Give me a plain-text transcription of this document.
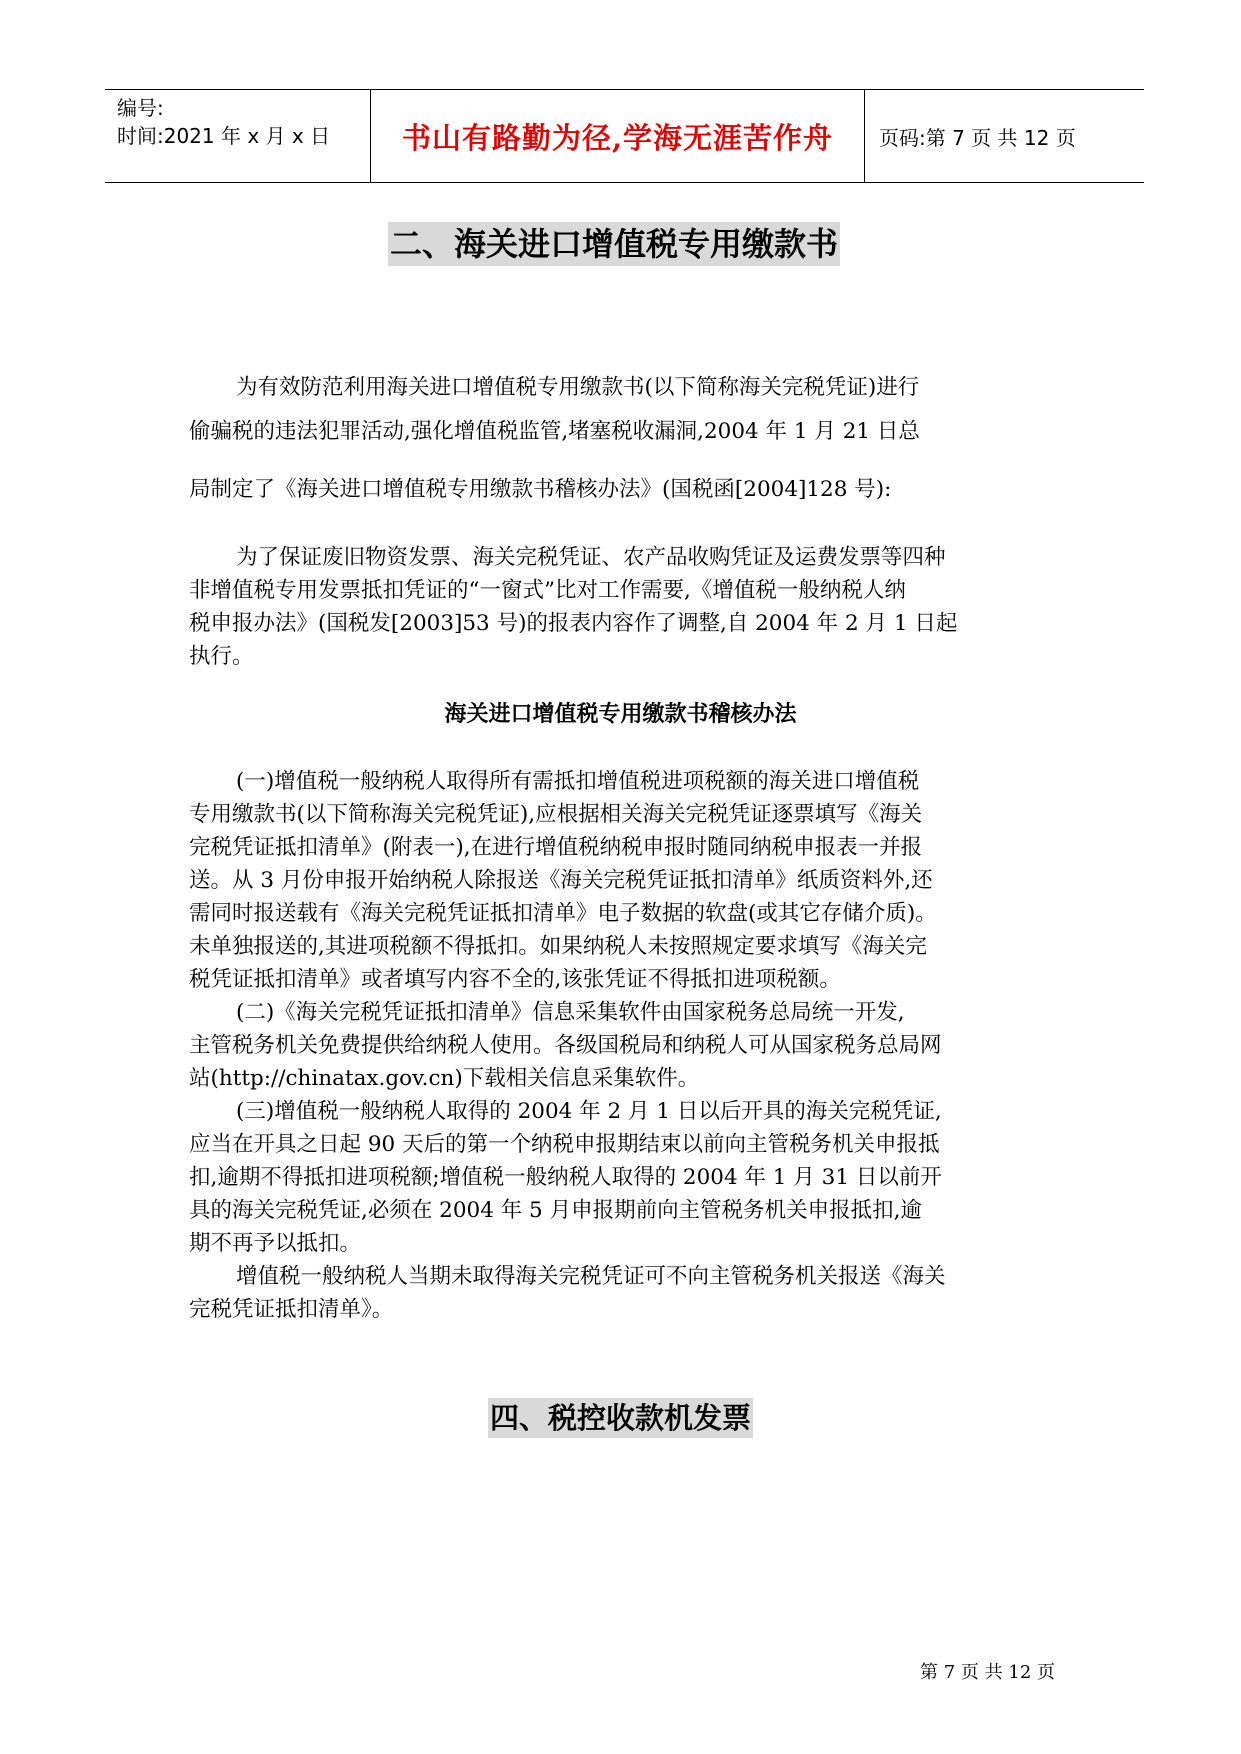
编号:
时间:2021 年 x 月 x 日	书山有路勤为径,学海无涯苦作舟	页码:第 7 页 共 12 页
二、海关进口增值税专用缴款书
为有效防范利用海关进口增值税专用缴款书(以下简称海关完税凭证)进行
偷骗税的违法犯罪活动,强化增值税监管,堵塞税收漏洞,2004 年 1 月 21 日总
局制定了《海关进口增值税专用缴款书稽核办法》(国税函[2004]128 号):
为了保证废旧物资发票、海关完税凭证、农产品收购凭证及运费发票等四种
非增值税专用发票抵扣凭证的“一窗式”比对工作需要,《增值税一般纳税人纳
税申报办法》(国税发[2003]53 号)的报表内容作了调整,自 2004 年 2 月 1 日起
执行。
海关进口增值税专用缴款书稽核办法
(一)增值税一般纳税人取得所有需抵扣增值税进项税额的海关进口增值税
专用缴款书(以下简称海关完税凭证),应根据相关海关完税凭证逐票填写《海关
完税凭证抵扣清单》(附表一),在进行增值税纳税申报时随同纳税申报表一并报
送。从 3 月份申报开始纳税人除报送《海关完税凭证抵扣清单》纸质资料外,还
需同时报送载有《海关完税凭证抵扣清单》电子数据的软盘(或其它存储介质)。
未单独报送的,其进项税额不得抵扣。如果纳税人未按照规定要求填写《海关完
税凭证抵扣清单》或者填写内容不全的,该张凭证不得抵扣进项税额。
(二)《海关完税凭证抵扣清单》信息采集软件由国家税务总局统一开发,
主管税务机关免费提供给纳税人使用。各级国税局和纳税人可从国家税务总局网
站(http://chinatax.gov.cn)下载相关信息采集软件。
(三)增值税一般纳税人取得的 2004 年 2 月 1 日以后开具的海关完税凭证,
应当在开具之日起 90 天后的第一个纳税申报期结束以前向主管税务机关申报抵
扣,逾期不得抵扣进项税额;增值税一般纳税人取得的 2004 年 1 月 31 日以前开
具的海关完税凭证,必须在 2004 年 5 月申报期前向主管税务机关申报抵扣,逾
期不再予以抵扣。
增值税一般纳税人当期未取得海关完税凭证可不向主管税务机关报送《海关
完税凭证抵扣清单》。
四、税控收款机发票
第 7 页 共 12 页
